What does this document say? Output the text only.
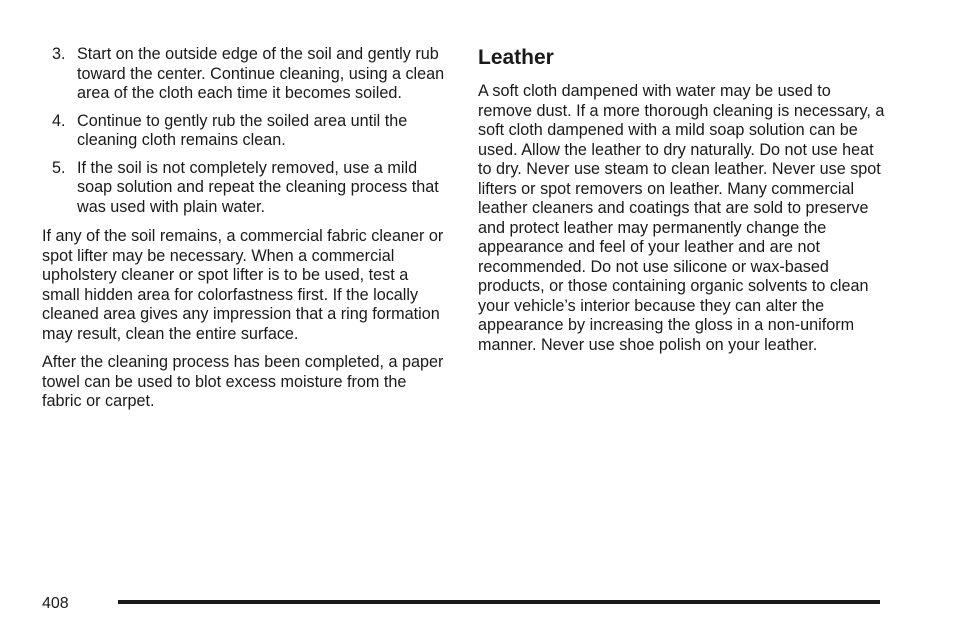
3. Start on the outside edge of the soil and gently rub toward the center. Continue cleaning, using a clean area of the cloth each time it becomes soiled.
4. Continue to gently rub the soiled area until the cleaning cloth remains clean.
5. If the soil is not completely removed, use a mild soap solution and repeat the cleaning process that was used with plain water.

If any of the soil remains, a commercial fabric cleaner or spot lifter may be necessary. When a commercial upholstery cleaner or spot lifter is to be used, test a small hidden area for colorfastness first. If the locally cleaned area gives any impression that a ring formation may result, clean the entire surface.

After the cleaning process has been completed, a paper towel can be used to blot excess moisture from the fabric or carpet.

Leather

A soft cloth dampened with water may be used to remove dust. If a more thorough cleaning is necessary, a soft cloth dampened with a mild soap solution can be used. Allow the leather to dry naturally. Do not use heat to dry. Never use steam to clean leather. Never use spot lifters or spot removers on leather. Many commercial leather cleaners and coatings that are sold to preserve and protect leather may permanently change the appearance and feel of your leather and are not recommended. Do not use silicone or wax-based products, or those containing organic solvents to clean your vehicle’s interior because they can alter the appearance by increasing the gloss in a non-uniform manner. Never use shoe polish on your leather.

408
